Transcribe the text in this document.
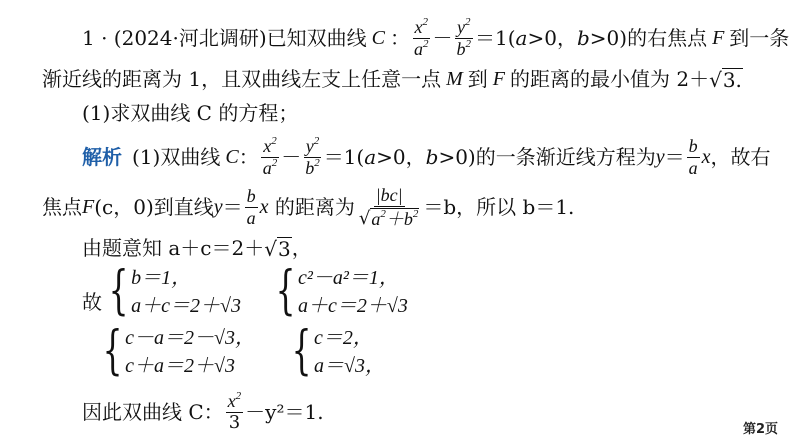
1 · (2024·河北调研) 已知双曲线 C ： $\frac{x^2}{a^2} - \frac{y^2}{b^2} =1(a>0$，b>0) 的右焦点 F 到一条
渐近线的距离为 1，且双曲线左支上任意一点 M 到 F 的距离的最小值为 2＋ √ 3.
(1)求双曲线 C 的方程；
解析 (1)双曲线 C ： $\frac{x^2}{a^2} - \frac{y^2}{b^2} =1(a>0$，b>0) 的一条渐近线方程为 $y = \frac{b}{a}$ x ，故右
焦点 F (c，0)到直线 $y = \frac{b}{a}$ x
的距离为 $\frac{|bc|}{√ a^2+b^2} =b$，所以 b＝1.
由题意知 a＋c＝2＋ √ 3 ，
故 { b＝1，
a＋c＝2＋√3 { c²－a²＝1，
a＋c＝2＋√3
{ c－a＝2－√3，
c＋a＝2＋√3	{ c＝2，
a＝√3，
因此双曲线 C： $\frac{x^2}{3} -y^2=1$.
第2页
